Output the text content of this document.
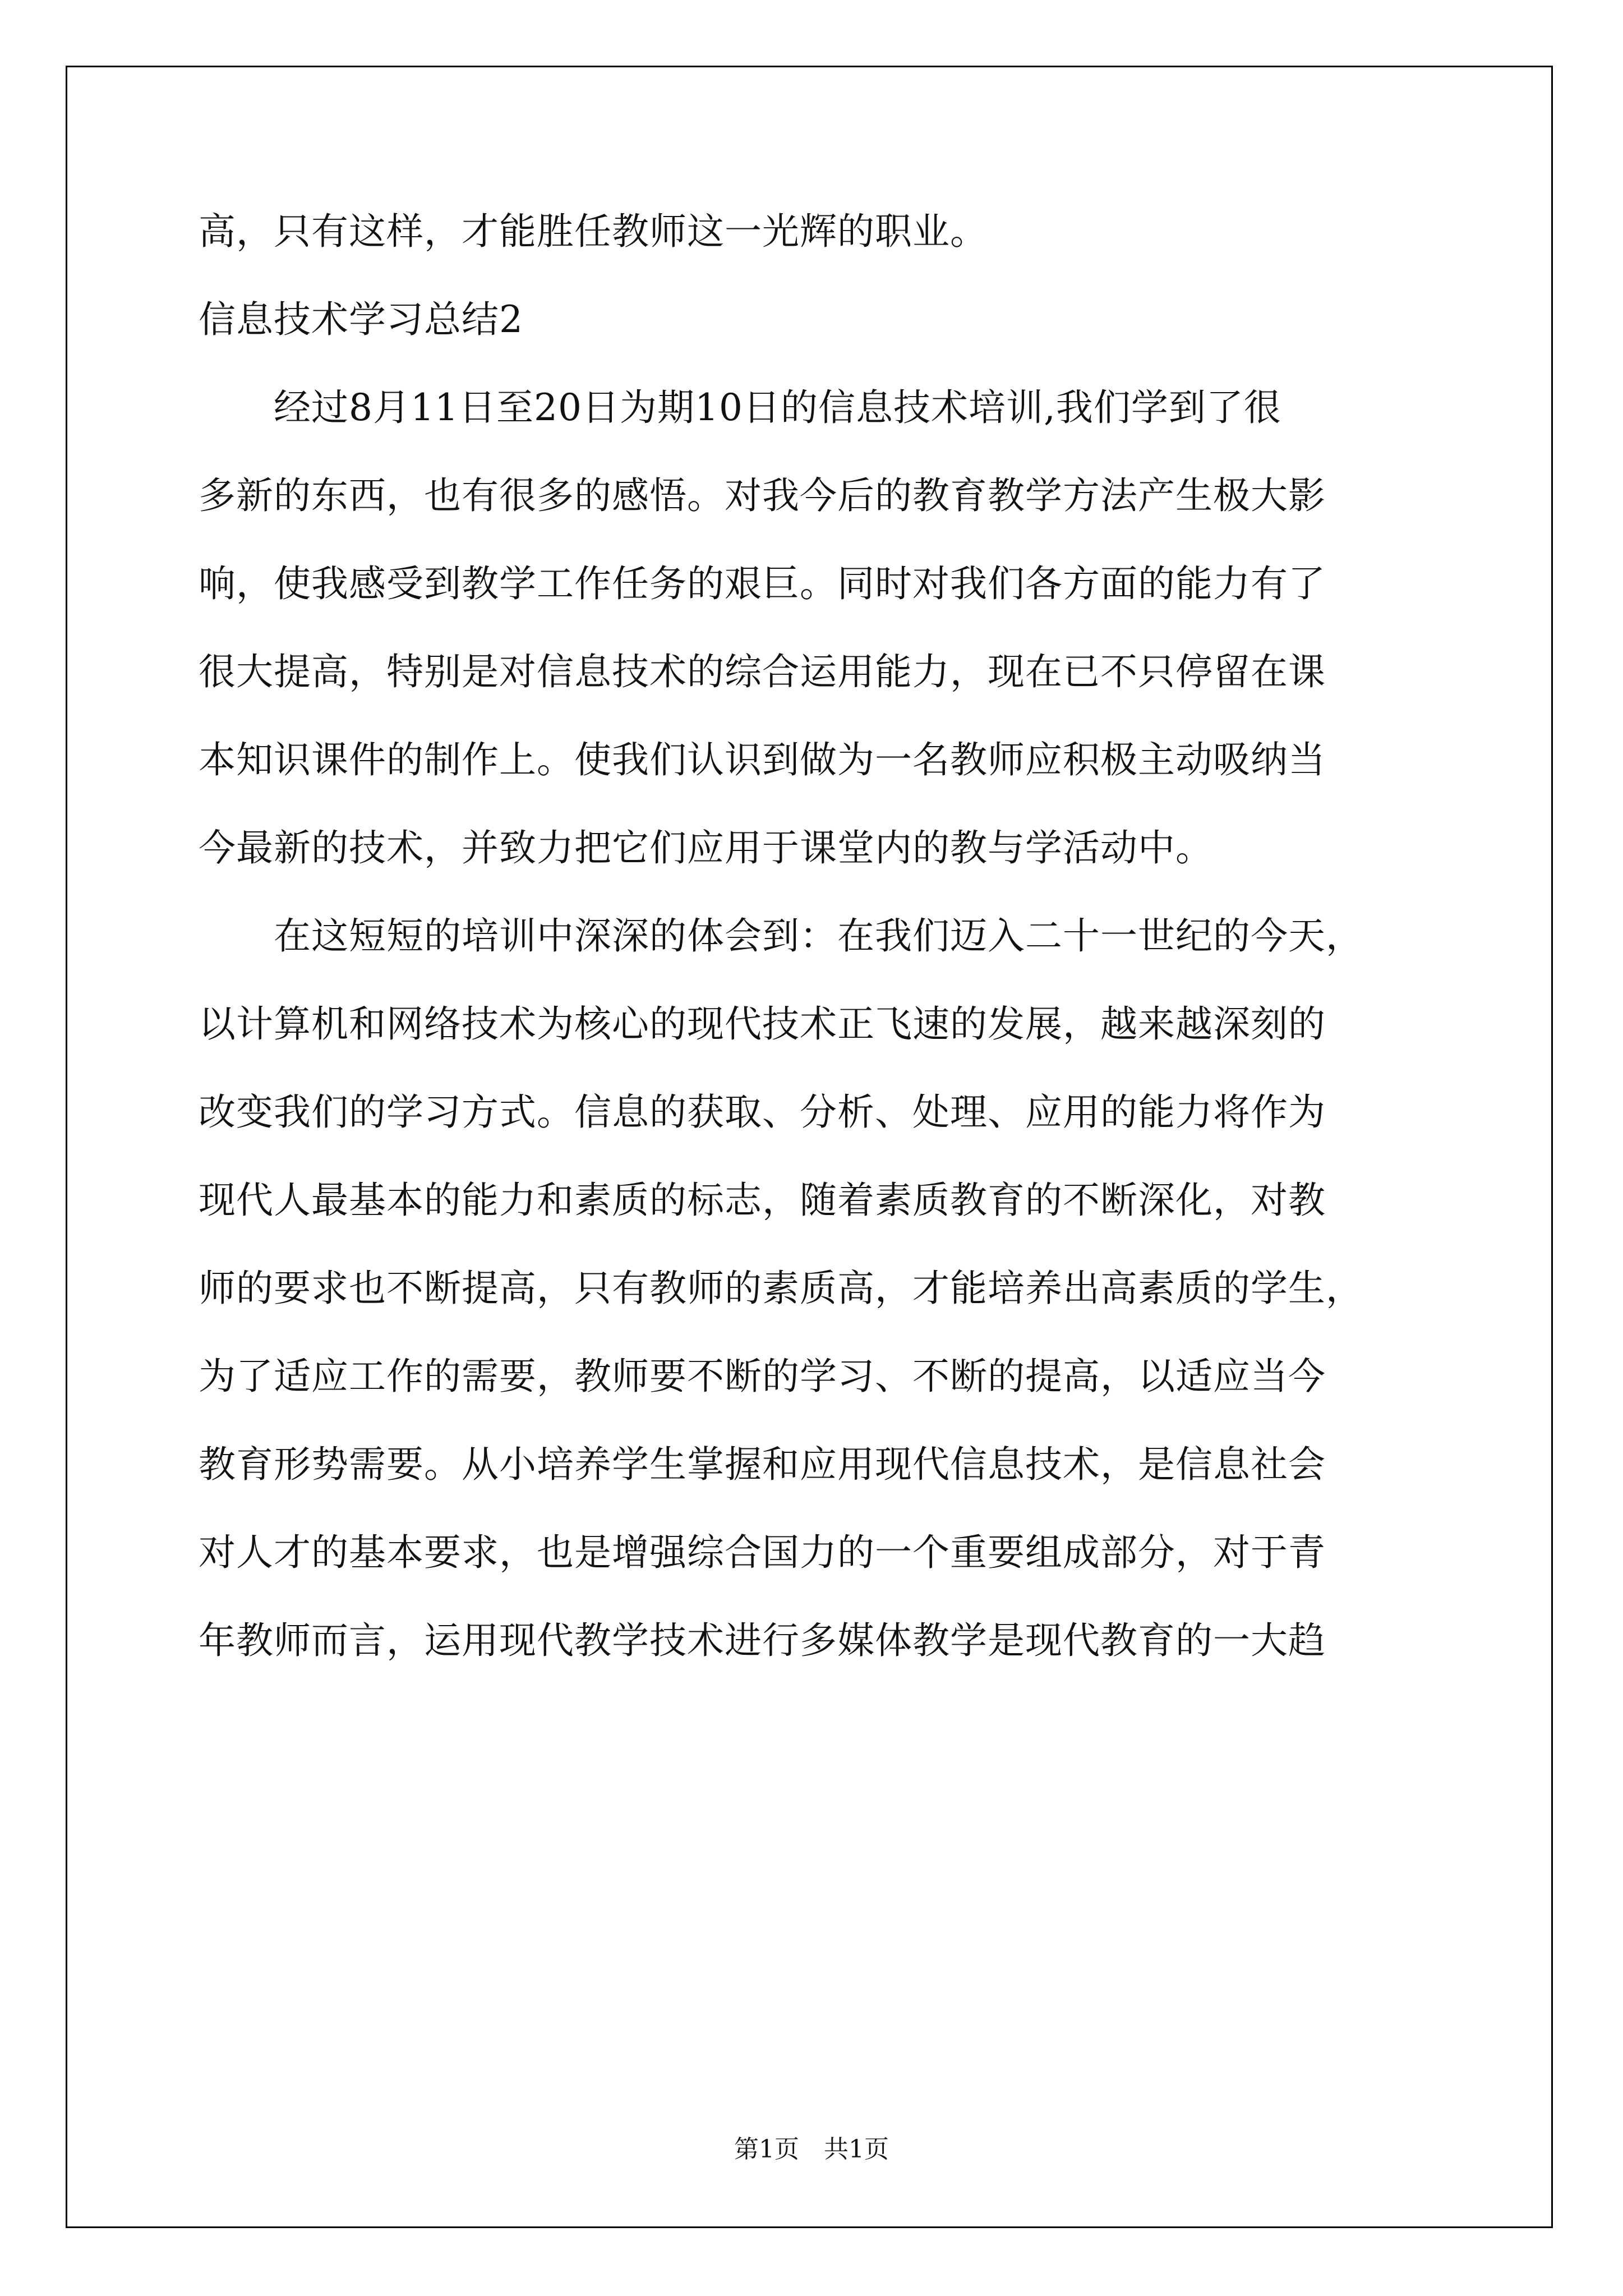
高，只有这样，才能胜任教师这一光辉的职业。
信息技术学习总结2
　　经过8月11日至20日为期10日的信息技术培训,我们学到了很
多新的东西，也有很多的感悟。对我今后的教育教学方法产生极大影
响，使我感受到教学工作任务的艰巨。同时对我们各方面的能力有了
很大提高，特别是对信息技术的综合运用能力，现在已不只停留在课
本知识课件的制作上。使我们认识到做为一名教师应积极主动吸纳当
今最新的技术，并致力把它们应用于课堂内的教与学活动中。
　　在这短短的培训中深深的体会到：在我们迈入二十一世纪的今天，
以计算机和网络技术为核心的现代技术正飞速的发展，越来越深刻的
改变我们的学习方式。信息的获取、分析、处理、应用的能力将作为
现代人最基本的能力和素质的标志，随着素质教育的不断深化，对教
师的要求也不断提高，只有教师的素质高，才能培养出高素质的学生，
为了适应工作的需要，教师要不断的学习、不断的提高，以适应当今
教育形势需要。从小培养学生掌握和应用现代信息技术，是信息社会
对人才的基本要求，也是增强综合国力的一个重要组成部分，对于青
年教师而言，运用现代教学技术进行多媒体教学是现代教育的一大趋
第1页　共1页
